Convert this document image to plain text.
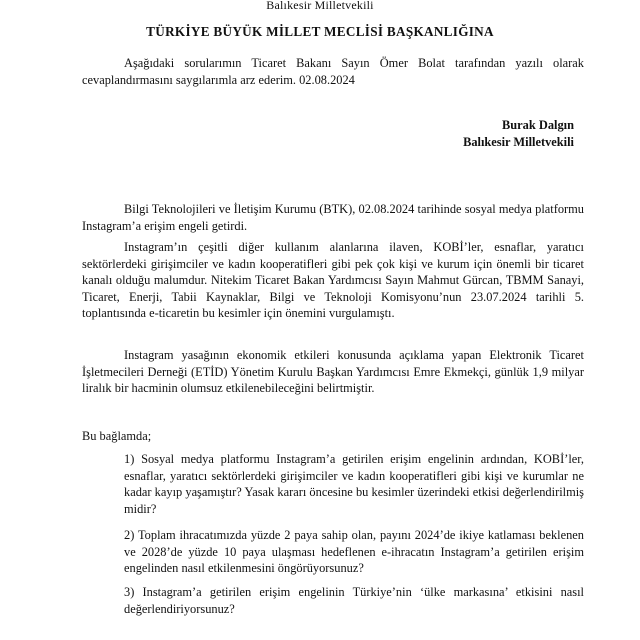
Balıkesir Milletvekili
TÜRKİYE BÜYÜK MİLLET MECLİSİ BAŞKANLIĞINA

Aşağıdaki sorularımın Ticaret Bakanı Sayın Ömer Bolat tarafından yazılı olarak cevaplandırmasını saygılarımla arz ederim. 02.08.2024

Burak Dalgın
Balıkesir Milletvekili

Bilgi Teknolojileri ve İletişim Kurumu (BTK), 02.08.2024 tarihinde sosyal medya platformu Instagram’a erişim engeli getirdi.

Instagram’ın çeşitli diğer kullanım alanlarına ilaven, KOBİ’ler, esnaflar, yaratıcı sektörlerdeki girişimciler ve kadın kooperatifleri gibi pek çok kişi ve kurum için önemli bir ticaret kanalı olduğu malumdur. Nitekim Ticaret Bakan Yardımcısı Sayın Mahmut Gürcan, TBMM Sanayi, Ticaret, Enerji, Tabii Kaynaklar, Bilgi ve Teknoloji Komisyonu’nun 23.07.2024 tarihli 5. toplantısında e-ticaretin bu kesimler için önemini vurgulamıştı.

Instagram yasağının ekonomik etkileri konusunda açıklama yapan Elektronik Ticaret İşletmecileri Derneği (ETİD) Yönetim Kurulu Başkan Yardımcısı Emre Ekmekçi, günlük 1,9 milyar liralık bir hacminin olumsuz etkilenebileceğini belirtmiştir.

Bu bağlamda;

1) Sosyal medya platformu Instagram’a getirilen erişim engelinin ardından, KOBİ’ler, esnaflar, yaratıcı sektörlerdeki girişimciler ve kadın kooperatifleri gibi kişi ve kurumlar ne kadar kayıp yaşamıştır? Yasak kararı öncesine bu kesimler üzerindeki etkisi değerlendirilmiş midir?

2) Toplam ihracatımızda yüzde 2 paya sahip olan, payını 2024’de ikiye katlaması beklenen ve 2028’de yüzde 10 paya ulaşması hedeflenen e-ihracatın Instagram’a getirilen erişim engelinden nasıl etkilenmesini öngörüyorsunuz?

3) Instagram’a getirilen erişim engelinin Türkiye’nin ‘ülke markasına’ etkisini nasıl değerlendiriyorsunuz?
